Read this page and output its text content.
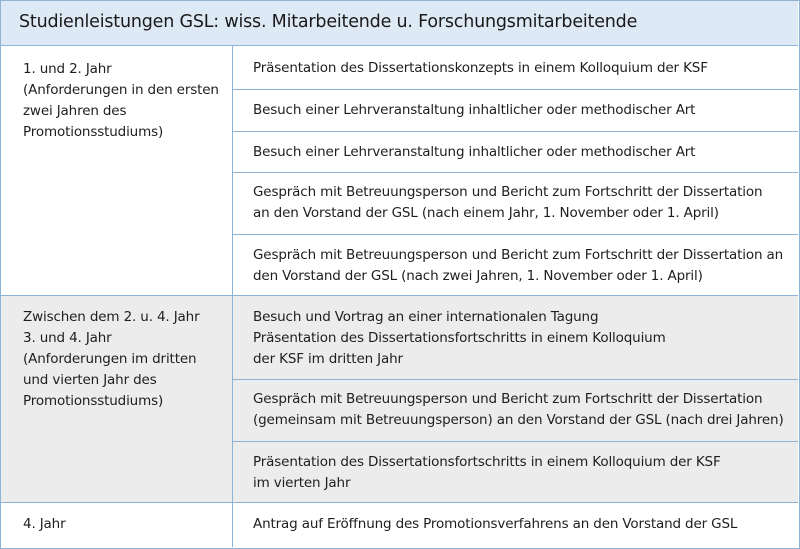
Studienleistungen GSL: wiss. Mitarbeitende u. Forschungsmitarbeitende
1. und 2. Jahr
(Anforderungen in den ersten
zwei Jahren des
Promotionsstudiums)
Präsentation des Dissertationskonzepts in einem Kolloquium der KSF
Besuch einer Lehrveranstaltung inhaltlicher oder methodischer Art
Besuch einer Lehrveranstaltung inhaltlicher oder methodischer Art
Gespräch mit Betreuungsperson und Bericht zum Fortschritt der Dissertation
an den Vorstand der GSL (nach einem Jahr, 1. November oder 1. April)
Gespräch mit Betreuungsperson und Bericht zum Fortschritt der Dissertation an
den Vorstand der GSL (nach zwei Jahren, 1. November oder 1. April)
Zwischen dem 2. u. 4. Jahr
3. und 4. Jahr
(Anforderungen im dritten
und vierten Jahr des
Promotionsstudiums)
Besuch und Vortrag an einer internationalen Tagung
Präsentation des Dissertationsfortschritts in einem Kolloquium
der KSF im dritten Jahr
Gespräch mit Betreuungsperson und Bericht zum Fortschritt der Dissertation
(gemeinsam mit Betreuungsperson) an den Vorstand der GSL (nach drei Jahren)
Präsentation des Dissertationsfortschritts in einem Kolloquium der KSF
im vierten Jahr
4. Jahr	Antrag auf Eröffnung des Promotionsverfahrens an den Vorstand der GSL
